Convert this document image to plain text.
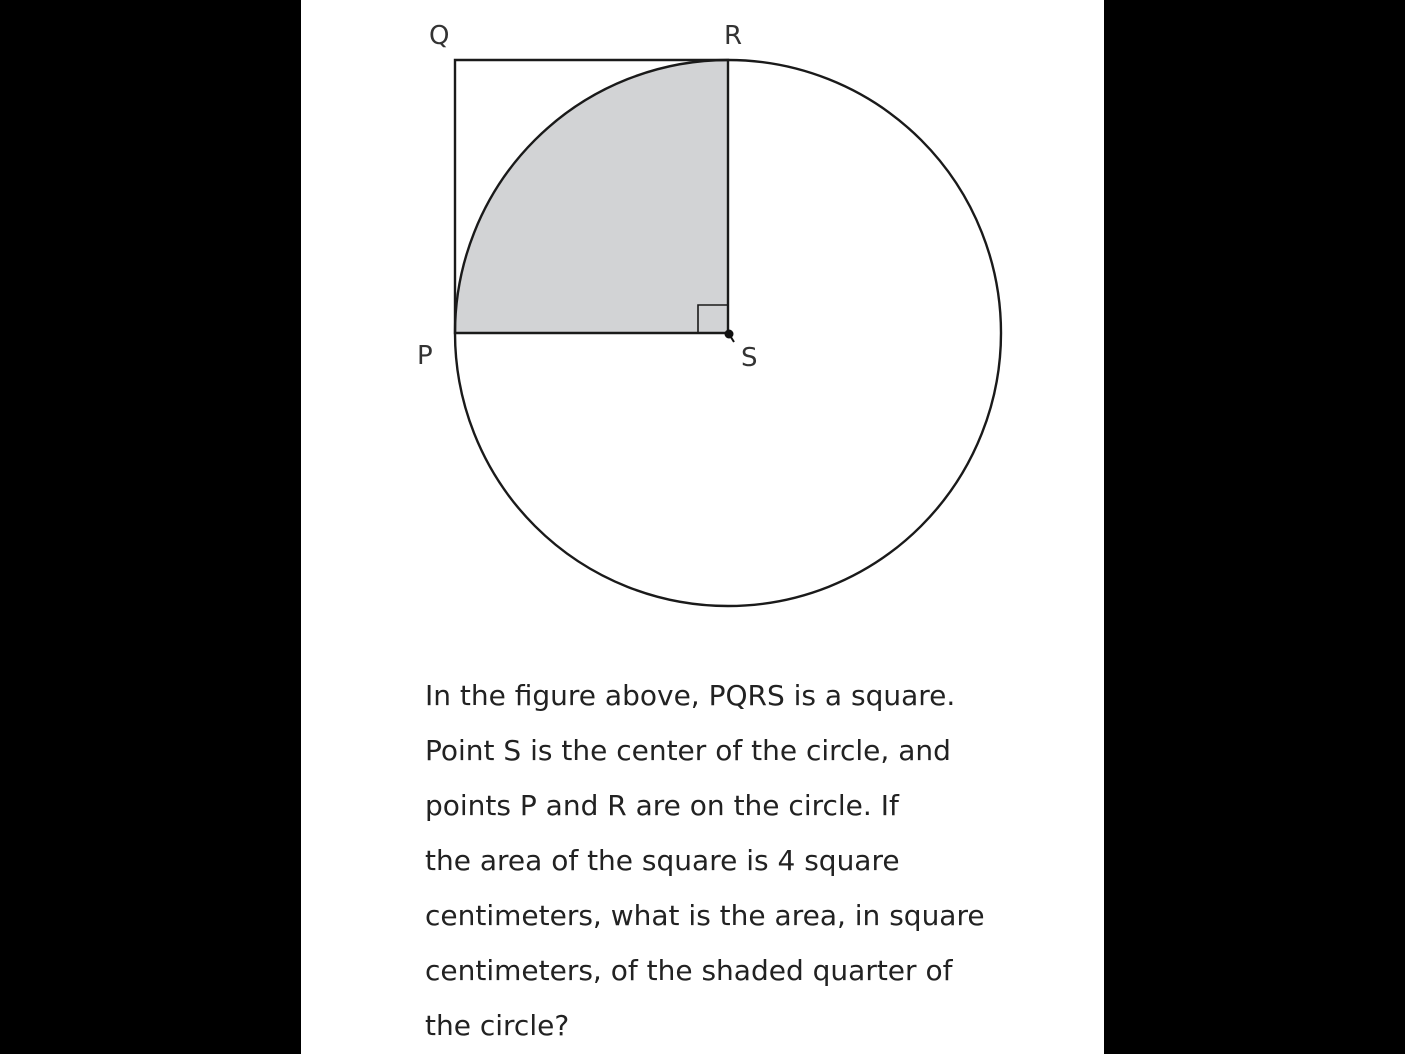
Q	R
P	S
In the figure above, PQRS is a square.
Point S is the center of the circle, and
points P and R are on the circle. If
the area of the square is 4 square
centimeters, what is the area, in square
centimeters, of the shaded quarter of
the circle?
